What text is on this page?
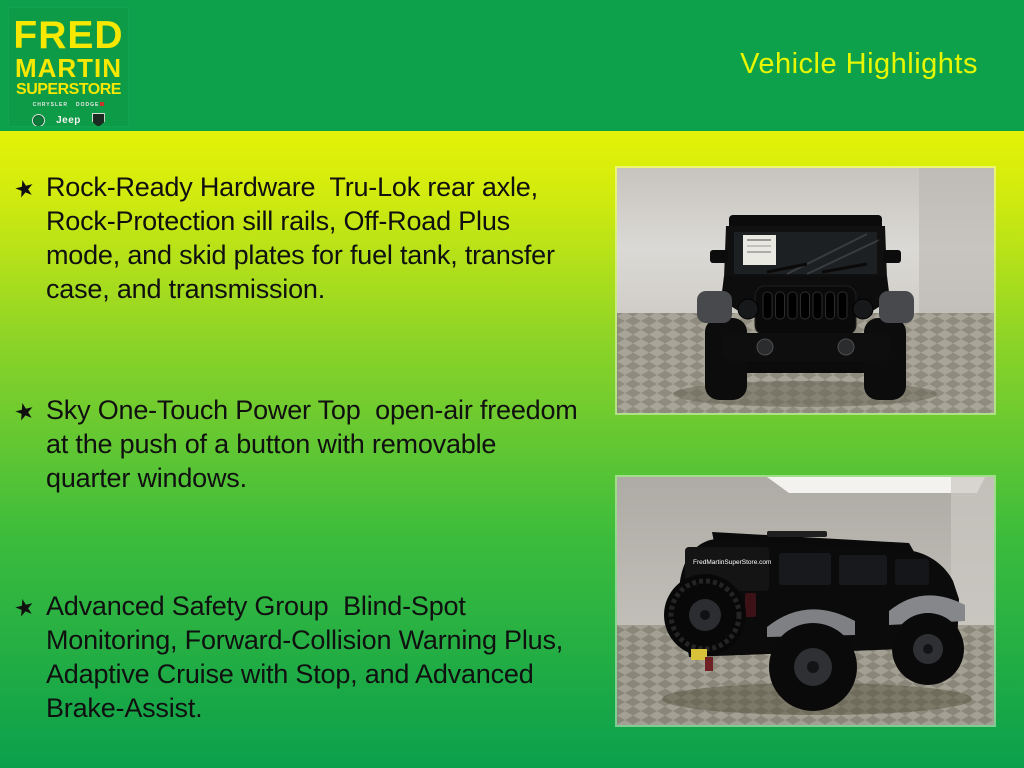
FRED
MARTIN
SUPERSTORE
CHRYSLER DODGE
Jeep
Vehicle Highlights
★ Rock-Ready Hardware  Tru-Lok rear axle, Rock-Protection sill rails, Off-Road Plus mode, and skid plates for fuel tank, transfer case, and transmission.
★ Sky One-Touch Power Top  open-air freedom at the push of a button with removable quarter windows.
★ Advanced Safety Group  Blind-Spot Monitoring, Forward-Collision Warning Plus, Adaptive Cruise with Stop, and Advanced Brake-Assist.
FredMartinSuperStore.com
